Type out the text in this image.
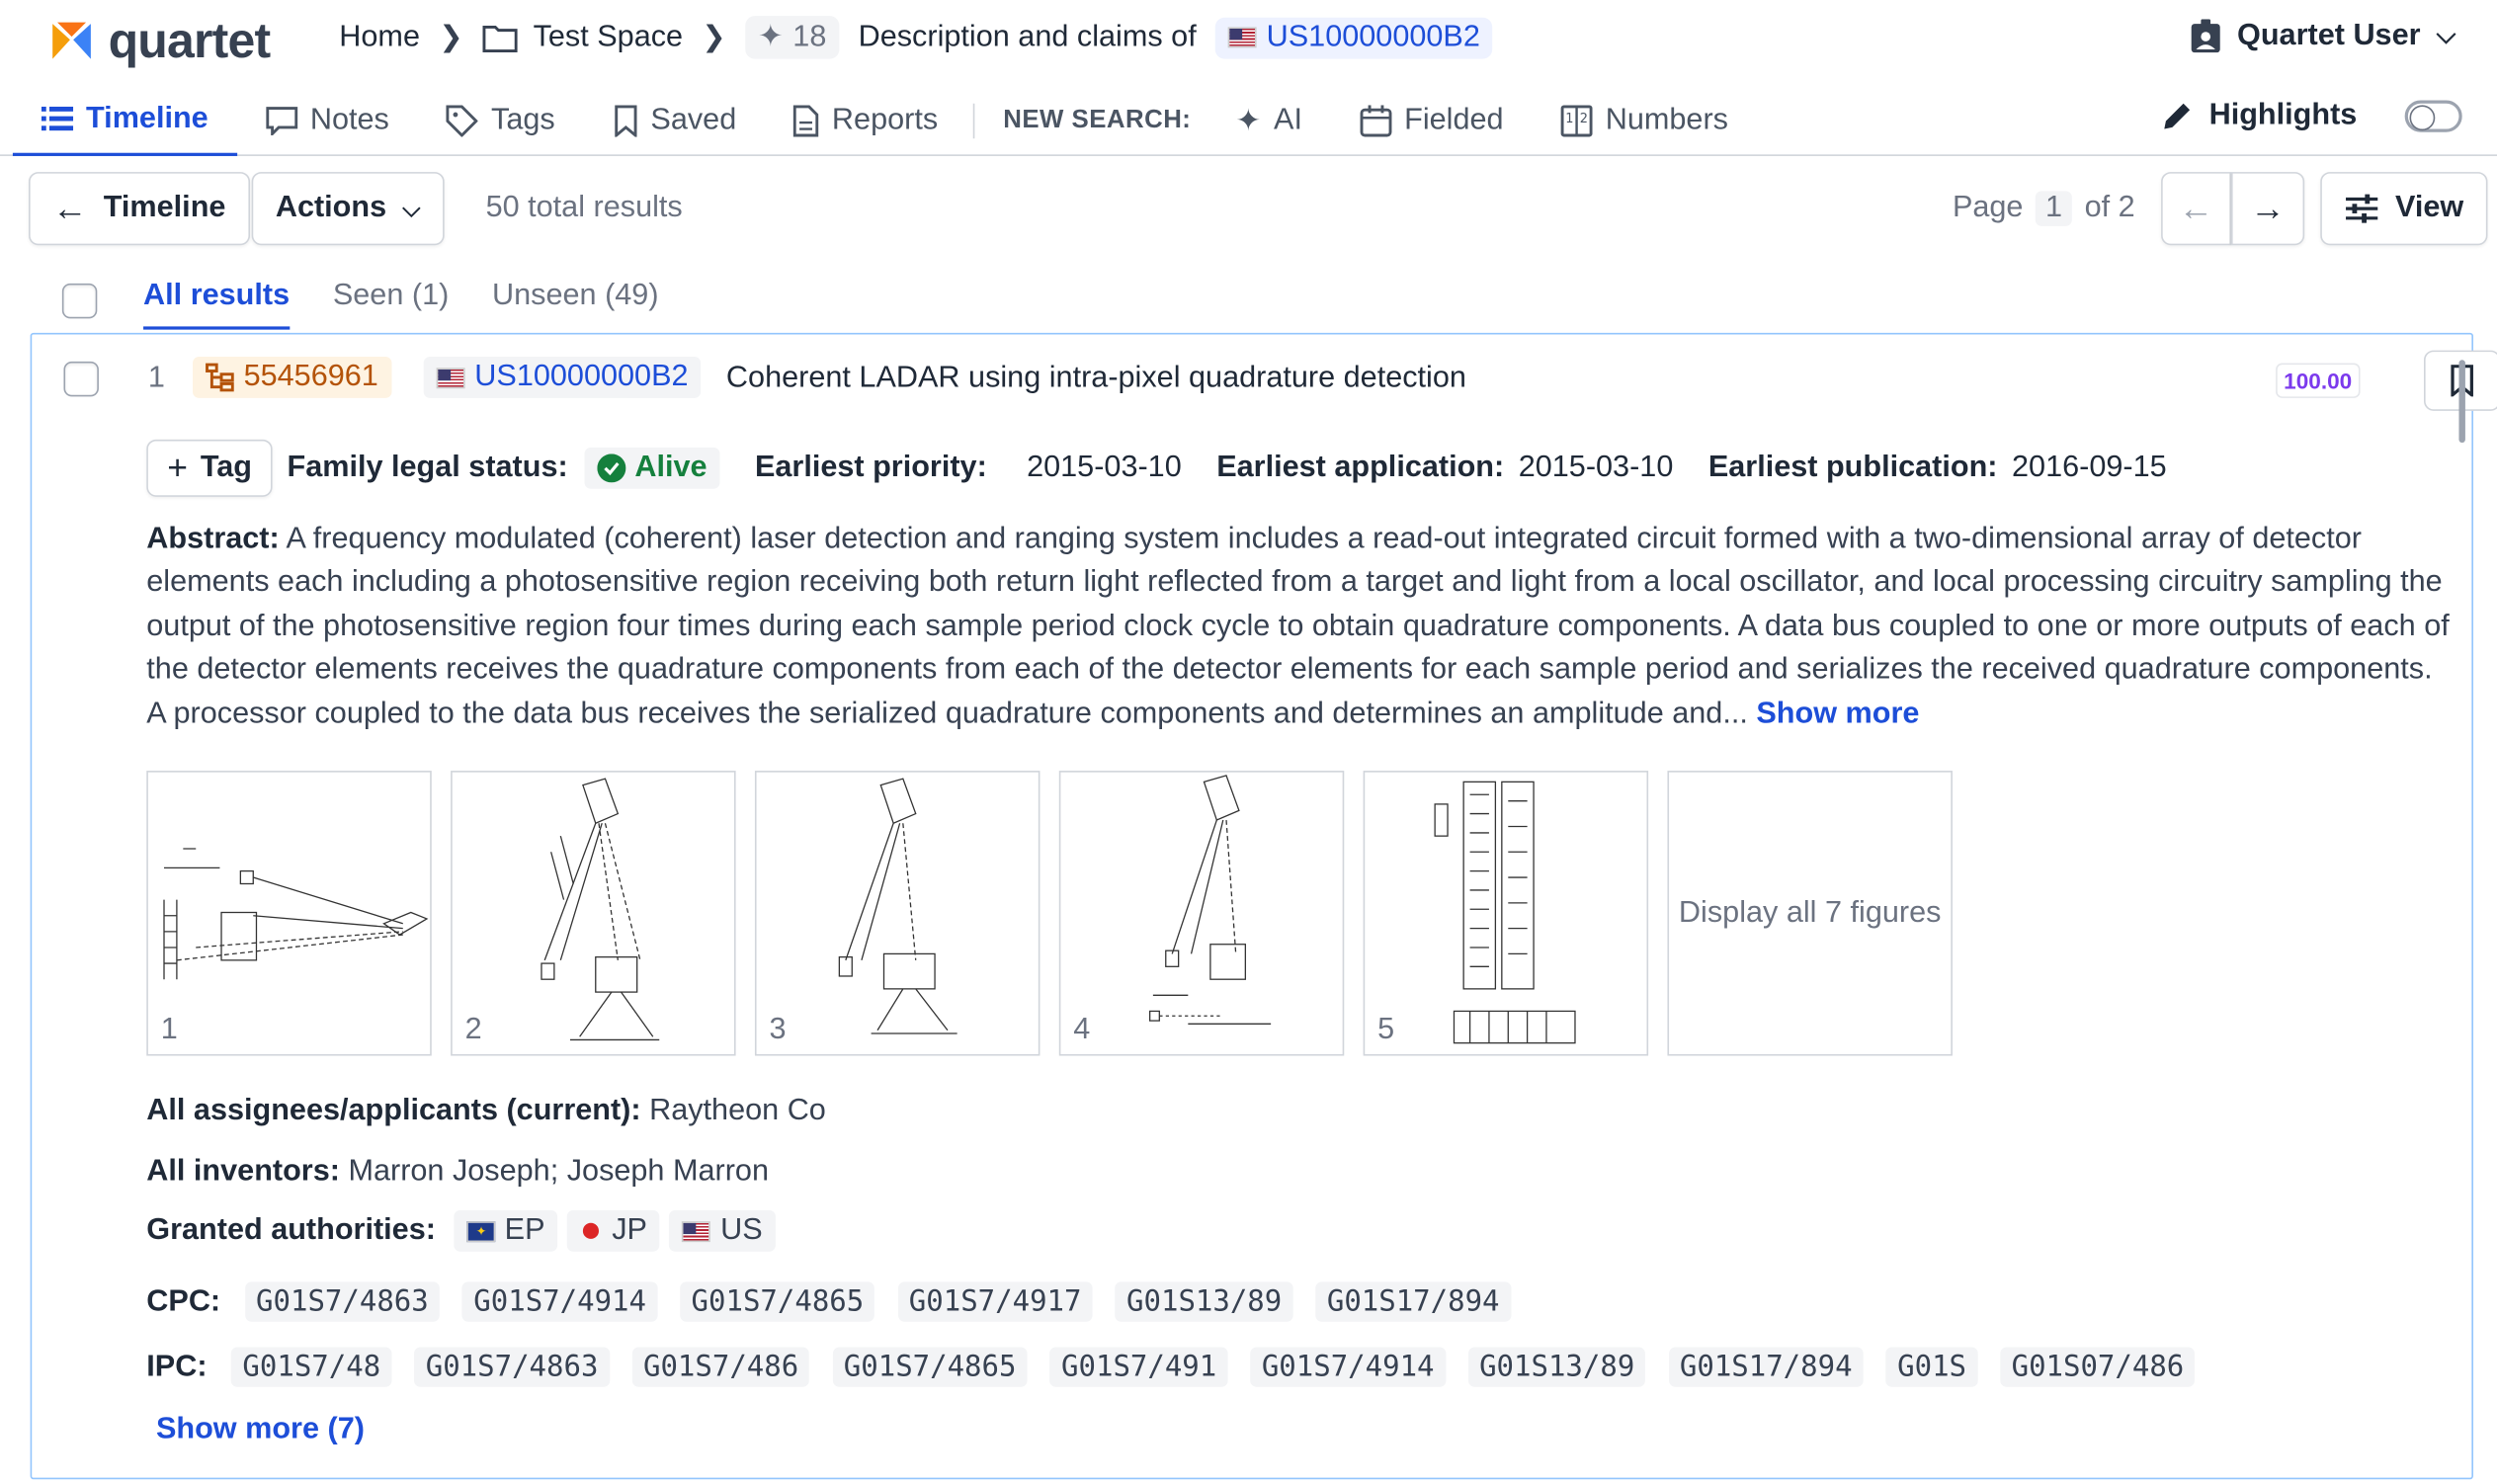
quartet	Home ❯	Test Space ❯ ✦ 18 Description and claims of	US10000000B2	Quartet User ⌵
Timeline	Notes	Tags	Saved	Reports	NEW SEARCH:	✦ AI	Fielded	1 2 Numbers	Highlights
← Timeline	Actions ⌵	50 total results	Page	1	of 2 ← →	View
All results Seen (1) Unseen (49)
1	55456961	US10000000B2 Coherent LADAR using intra-pixel quadrature detection	100.00
+ Tag Family legal status:	Alive	Earliest priority: 2015-03-10 Earliest application: 2015-03-10 Earliest publication: 2016-09-15
Abstract: A frequency modulated (coherent) laser detection and ranging system includes a read-out integrated circuit formed with a two-dimensional array of detector elements each including a photosensitive region receiving both return light reflected from a target and light from a local oscillator, and local processing circuitry sampling the output of the photosensitive region four times during each sample period clock cycle to obtain quadrature components. A data bus coupled to one or more outputs of each of the detector elements receives the quadrature components from each of the detector elements for each sample period and serializes the received quadrature components. A processor coupled to the data bus receives the serialized quadrature components and determines an amplitude and... Show more
1	2	3	4	5
Display all 7 figures
All assignees/applicants (current): Raytheon Co
All inventors: Marron Joseph; Joseph Marron
Granted authorities:
✦	EP	JP	US
CPC: G01S7/4863	G01S7/4914	G01S7/4865	G01S7/4917	G01S13/89	G01S17/894
IPC: G01S7/48	G01S7/4863	G01S7/486	G01S7/4865	G01S7/491	G01S7/4914	G01S13/89	G01S17/894	G01S	G01S07/486
Show more (7)
